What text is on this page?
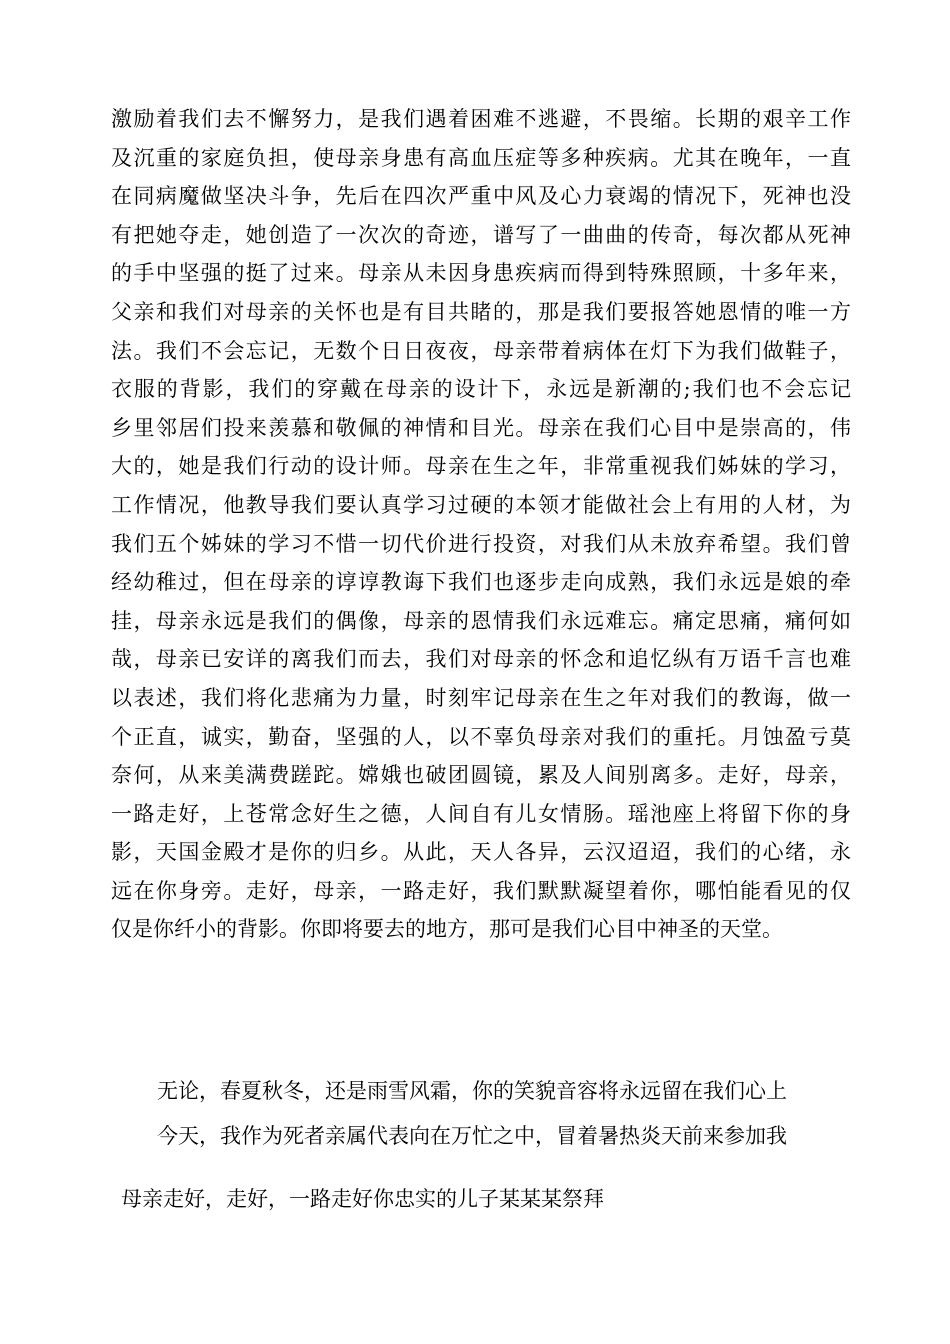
激励着我们去不懈努力，是我们遇着困难不逃避，不畏缩。长期的艰辛工作
及沉重的家庭负担，使母亲身患有高血压症等多种疾病。尤其在晚年，一直
在同病魔做坚决斗争，先后在四次严重中风及心力衰竭的情况下，死神也没
有把她夺走，她创造了一次次的奇迹，谱写了一曲曲的传奇，每次都从死神
的手中坚强的挺了过来。母亲从未因身患疾病而得到特殊照顾，十多年来，
父亲和我们对母亲的关怀也是有目共睹的，那是我们要报答她恩情的唯一方
法。我们不会忘记，无数个日日夜夜，母亲带着病体在灯下为我们做鞋子，
衣服的背影，我们的穿戴在母亲的设计下，永远是新潮的;我们也不会忘记
乡里邻居们投来羡慕和敬佩的神情和目光。母亲在我们心目中是崇高的，伟
大的，她是我们行动的设计师。母亲在生之年，非常重视我们姊妹的学习，
工作情况，他教导我们要认真学习过硬的本领才能做社会上有用的人材，为
我们五个姊妹的学习不惜一切代价进行投资，对我们从未放弃希望。我们曾
经幼稚过，但在母亲的谆谆教诲下我们也逐步走向成熟，我们永远是娘的牵
挂，母亲永远是我们的偶像，母亲的恩情我们永远难忘。痛定思痛，痛何如
哉，母亲已安详的离我们而去，我们对母亲的怀念和追忆纵有万语千言也难
以表述，我们将化悲痛为力量，时刻牢记母亲在生之年对我们的教诲，做一
个正直，诚实，勤奋，坚强的人，以不辜负母亲对我们的重托。月蚀盈亏莫
奈何，从来美满费蹉跎。嫦娥也破团圆镜，累及人间别离多。走好，母亲，
一路走好，上苍常念好生之德，人间自有儿女情肠。瑶池座上将留下你的身
影，天国金殿才是你的归乡。从此，天人各异，云汉迢迢，我们的心绪，永
远在你身旁。走好，母亲，一路走好，我们默默凝望着你，哪怕能看见的仅
仅是你纤小的背影。你即将要去的地方，那可是我们心目中神圣的天堂。
无论，春夏秋冬，还是雨雪风霜，你的笑貌音容将永远留在我们心上
今天，我作为死者亲属代表向在万忙之中，冒着暑热炎天前来参加我
母亲走好，走好，一路走好你忠实的儿子某某某祭拜
